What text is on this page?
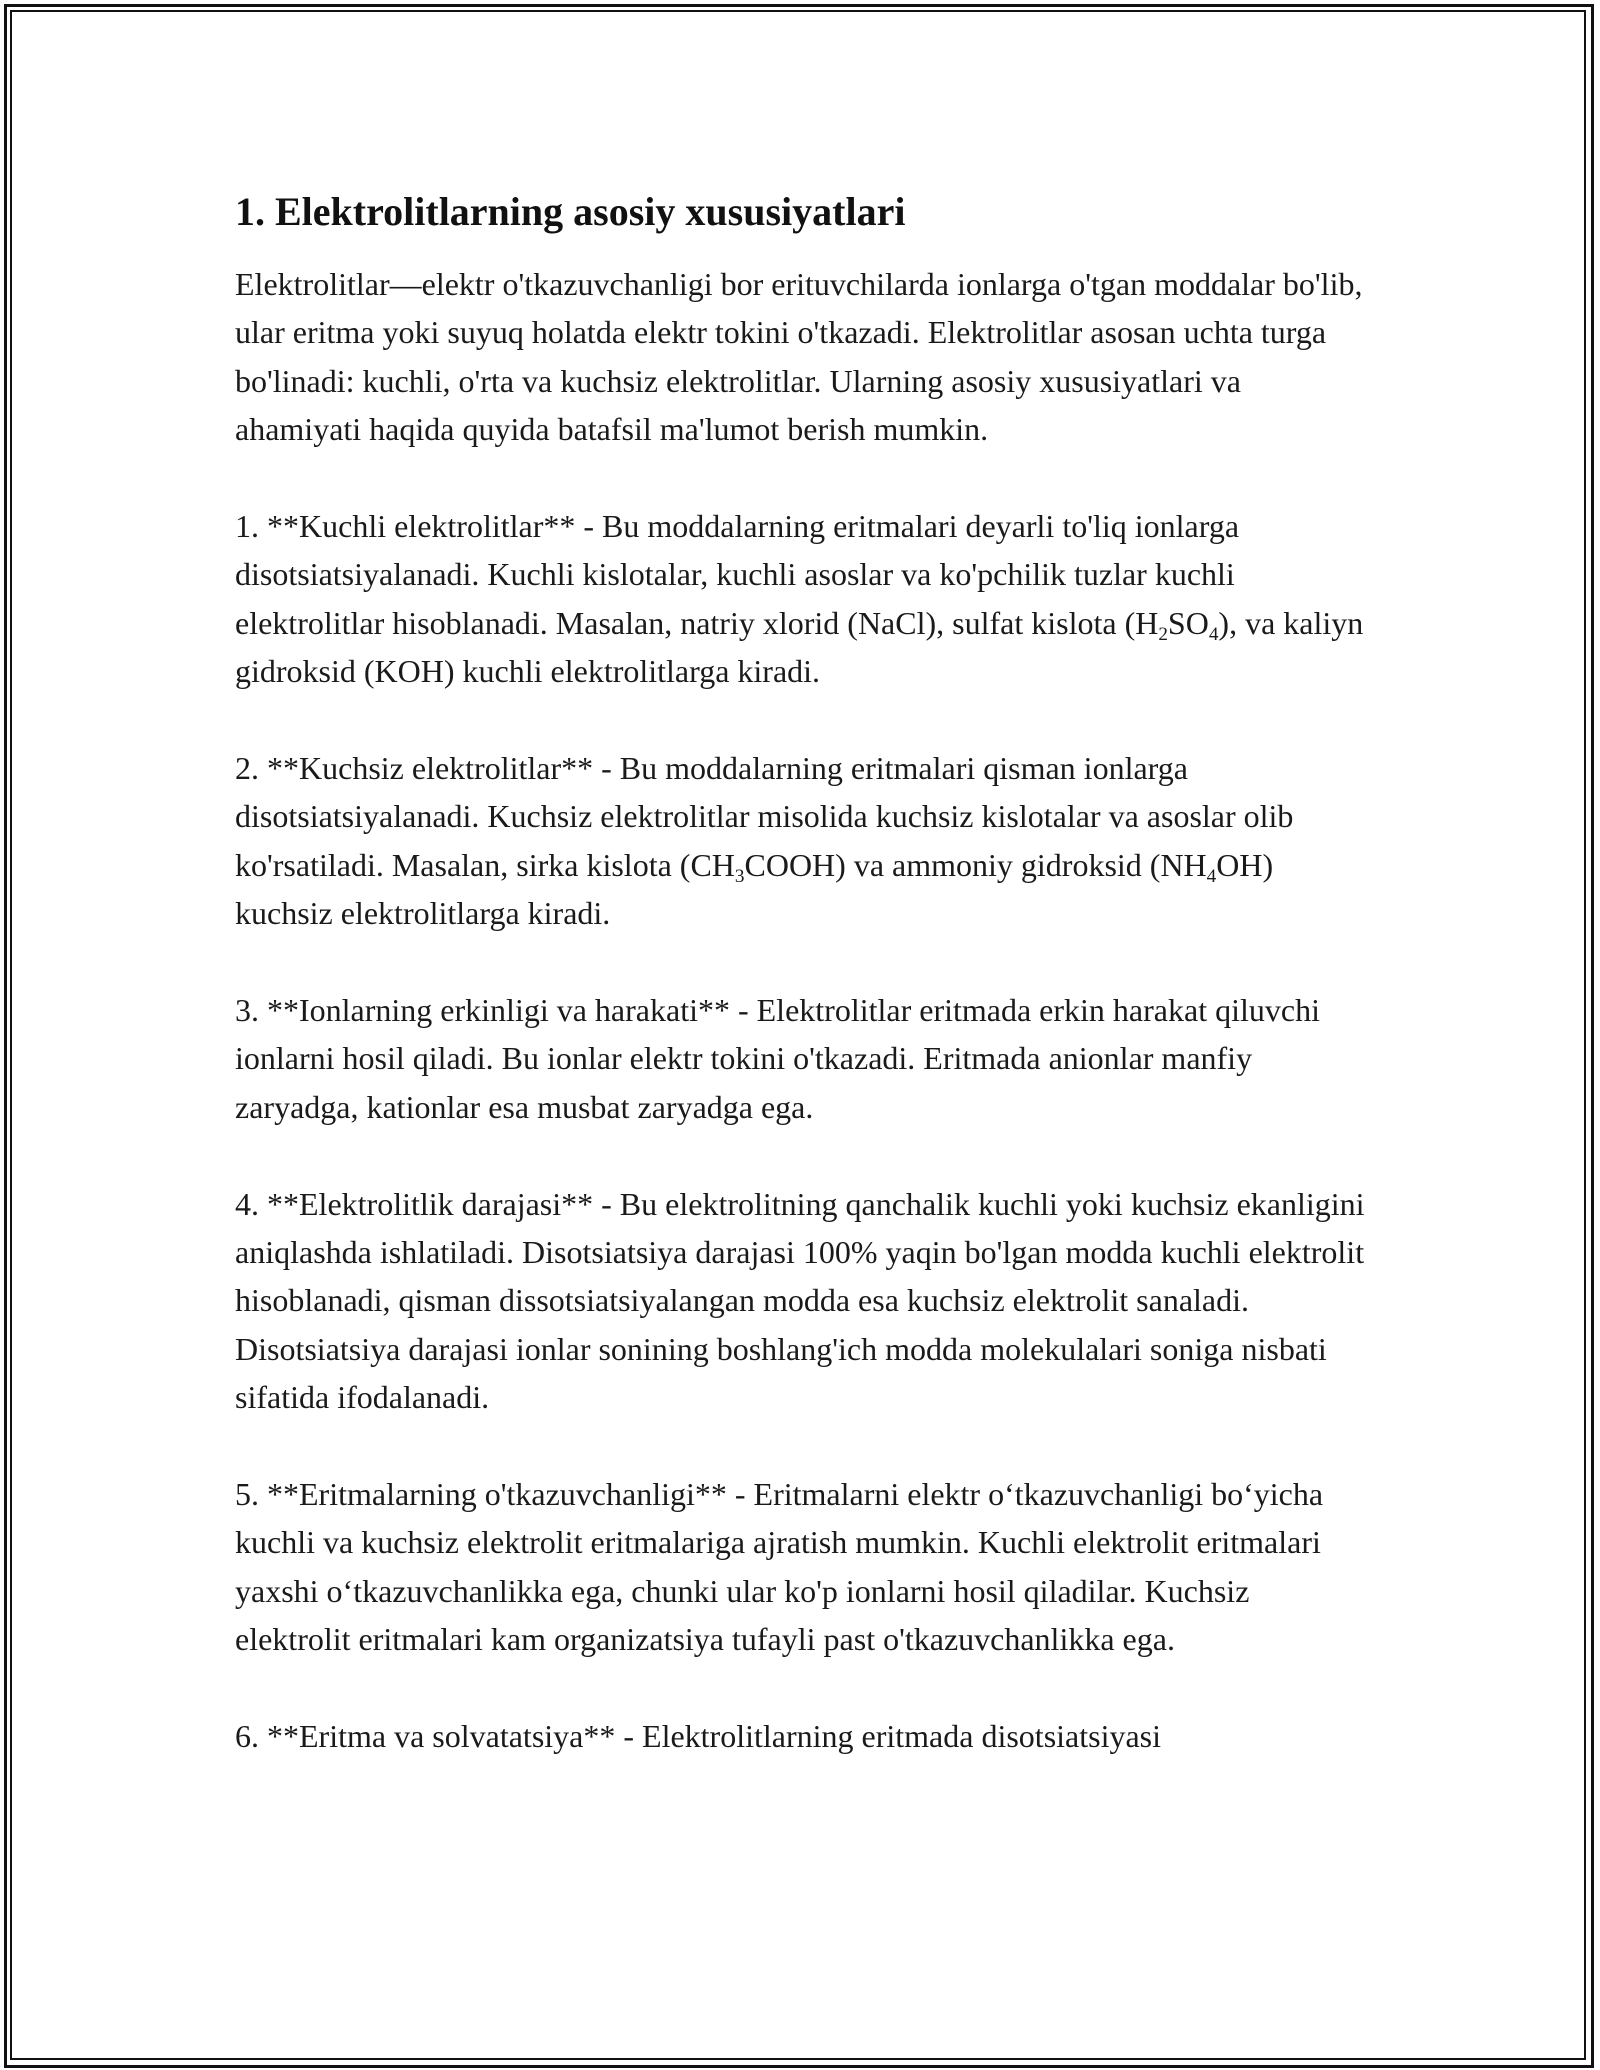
1. Elektrolitlarning asosiy xususiyatlari

Elektrolitlar—elektr o'tkazuvchanligi bor erituvchilarda ionlarga o'tgan moddalar bo'lib, ular eritma yoki suyuq holatda elektr tokini o'tkazadi. Elektrolitlar asosan uchta turga bo'linadi: kuchli, o'rta va kuchsiz elektrolitlar. Ularning asosiy xususiyatlari va ahamiyati haqida quyida batafsil ma'lumot berish mumkin.

1. **Kuchli elektrolitlar** - Bu moddalarning eritmalari deyarli to'liq ionlarga disotsiatsiyalanadi. Kuchli kislotalar, kuchli asoslar va ko'pchilik tuzlar kuchli elektrolitlar hisoblanadi. Masalan, natriy xlorid (NaCl), sulfat kislota $(H_2SO_4)$, va kaliyn gidroksid (KOH) kuchli elektrolitlarga kiradi.

2. **Kuchsiz elektrolitlar** - Bu moddalarning eritmalari qisman ionlarga disotsiatsiyalanadi. Kuchsiz elektrolitlar misolida kuchsiz kislotalar va asoslar olib ko'rsatiladi. Masalan, sirka kislota $(CH_3COOH)$ va ammoniy gidroksid $(NH_4OH)$ kuchsiz elektrolitlarga kiradi.

3. **Ionlarning erkinligi va harakati** - Elektrolitlar eritmada erkin harakat qiluvchi ionlarni hosil qiladi. Bu ionlar elektr tokini o'tkazadi. Eritmada anionlar manfiy zaryadga, kationlar esa musbat zaryadga ega.

4. **Elektrolitlik darajasi** - Bu elektrolitning qanchalik kuchli yoki kuchsiz ekanligini aniqlashda ishlatiladi. Disotsiatsiya darajasi 100% yaqin bo'lgan modda kuchli elektrolit hisoblanadi, qisman dissotsiatsiyalangan modda esa kuchsiz elektrolit sanaladi. Disotsiatsiya darajasi ionlar sonining boshlang'ich modda molekulalari soniga nisbati sifatida ifodalanadi.

5. **Eritmalarning o'tkazuvchanligi** - Eritmalarni elektr o‘tkazuvchanligi bo‘yicha kuchli va kuchsiz elektrolit eritmalariga ajratish mumkin. Kuchli elektrolit eritmalari yaxshi o‘tkazuvchanlikka ega, chunki ular ko'p ionlarni hosil qiladilar. Kuchsiz elektrolit eritmalari kam organizatsiya tufayli past o'tkazuvchanlikka ega.

6. **Eritma va solvatatsiya** - Elektrolitlarning eritmada disotsiatsiyasi
